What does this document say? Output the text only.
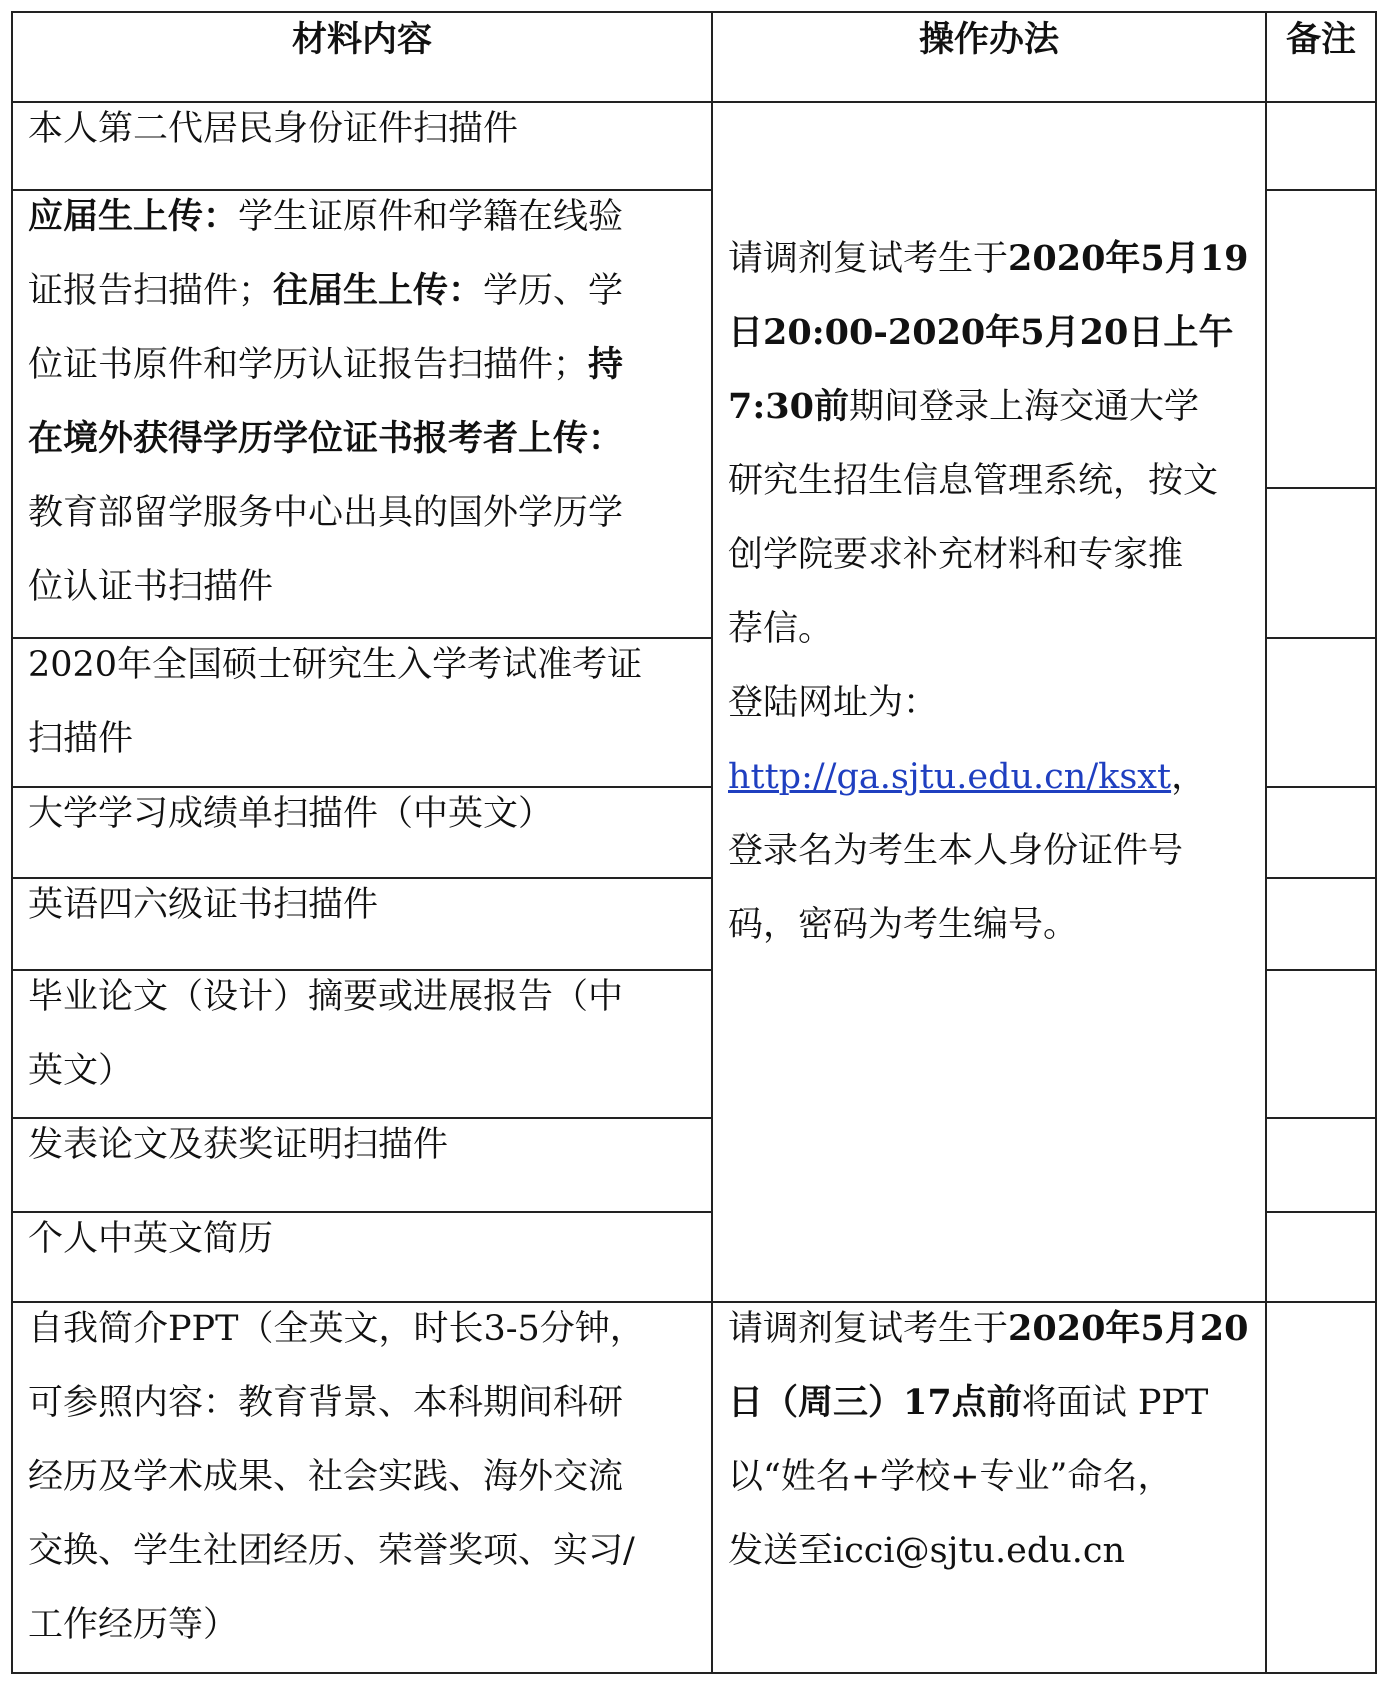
材料内容	操作办法	备注
本人第二代居民身份证件扫描件
应届生上传：学生证原件和学籍在线验
证报告扫描件；往届生上传：学历、学
位证书原件和学历认证报告扫描件；持
在境外获得学历学位证书报考者上传：
教育部留学服务中心出具的国外学历学
位认证书扫描件
2020年全国硕士研究生入学考试准考证
扫描件
大学学习成绩单扫描件（中英文）
英语四六级证书扫描件
毕业论文（设计）摘要或进展报告（中
英文）
发表论文及获奖证明扫描件
个人中英文简历
自我简介PPT（全英文，时长3-5分钟，
可参照内容：教育背景、本科期间科研
经历及学术成果、社会实践、海外交流
交换、学生社团经历、荣誉奖项、实习/
工作经历等）
请调剂复试考生于2020年5月19
日20:00-2020年5月20日上午
7:30前期间登录上海交通大学
研究生招生信息管理系统，按文
创学院要求补充材料和专家推
荐信。
登陆网址为：
http://ga.sjtu.edu.cn/ksxt，
登录名为考生本人身份证件号
码，密码为考生编号。
请调剂复试考生于2020年5月20
日（周三）17点前将面试 PPT
以“姓名+学校+专业”命名，
发送至icci@sjtu.edu.cn
